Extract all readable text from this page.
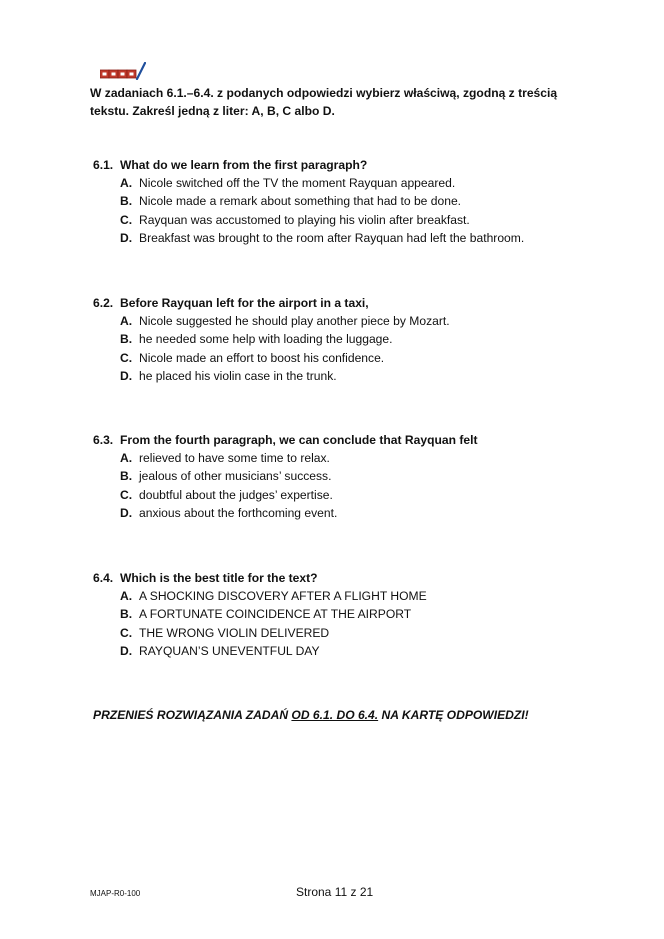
W zadaniach 6.1.–6.4. z podanych odpowiedzi wybierz właściwą, zgodną z treścią
tekstu. Zakreśl jedną z liter: A, B, C albo D.

6.1. What do we learn from the first paragraph?

A. Nicole switched off the TV the moment Rayquan appeared.
B. Nicole made a remark about something that had to be done.
C. Rayquan was accustomed to playing his violin after breakfast.
D. Breakfast was brought to the room after Rayquan had left the bathroom.

6.2. Before Rayquan left for the airport in a taxi,

A. Nicole suggested he should play another piece by Mozart.
B. he needed some help with loading the luggage.
C. Nicole made an effort to boost his confidence.
D. he placed his violin case in the trunk.

6.3. From the fourth paragraph, we can conclude that Rayquan felt

A. relieved to have some time to relax.
B. jealous of other musicians’ success.
C. doubtful about the judges’ expertise.
D. anxious about the forthcoming event.

6.4. Which is the best title for the text?

A. A SHOCKING DISCOVERY AFTER A FLIGHT HOME
B. A FORTUNATE COINCIDENCE AT THE AIRPORT
C. THE WRONG VIOLIN DELIVERED
D. RAYQUAN’S UNEVENTFUL DAY
PRZENIEŚ ROZWIĄZANIA ZADAŃ OD 6.1. DO 6.4. NA KARTĘ ODPOWIEDZI!
MJAP-R0-100	Strona 11 z 21
